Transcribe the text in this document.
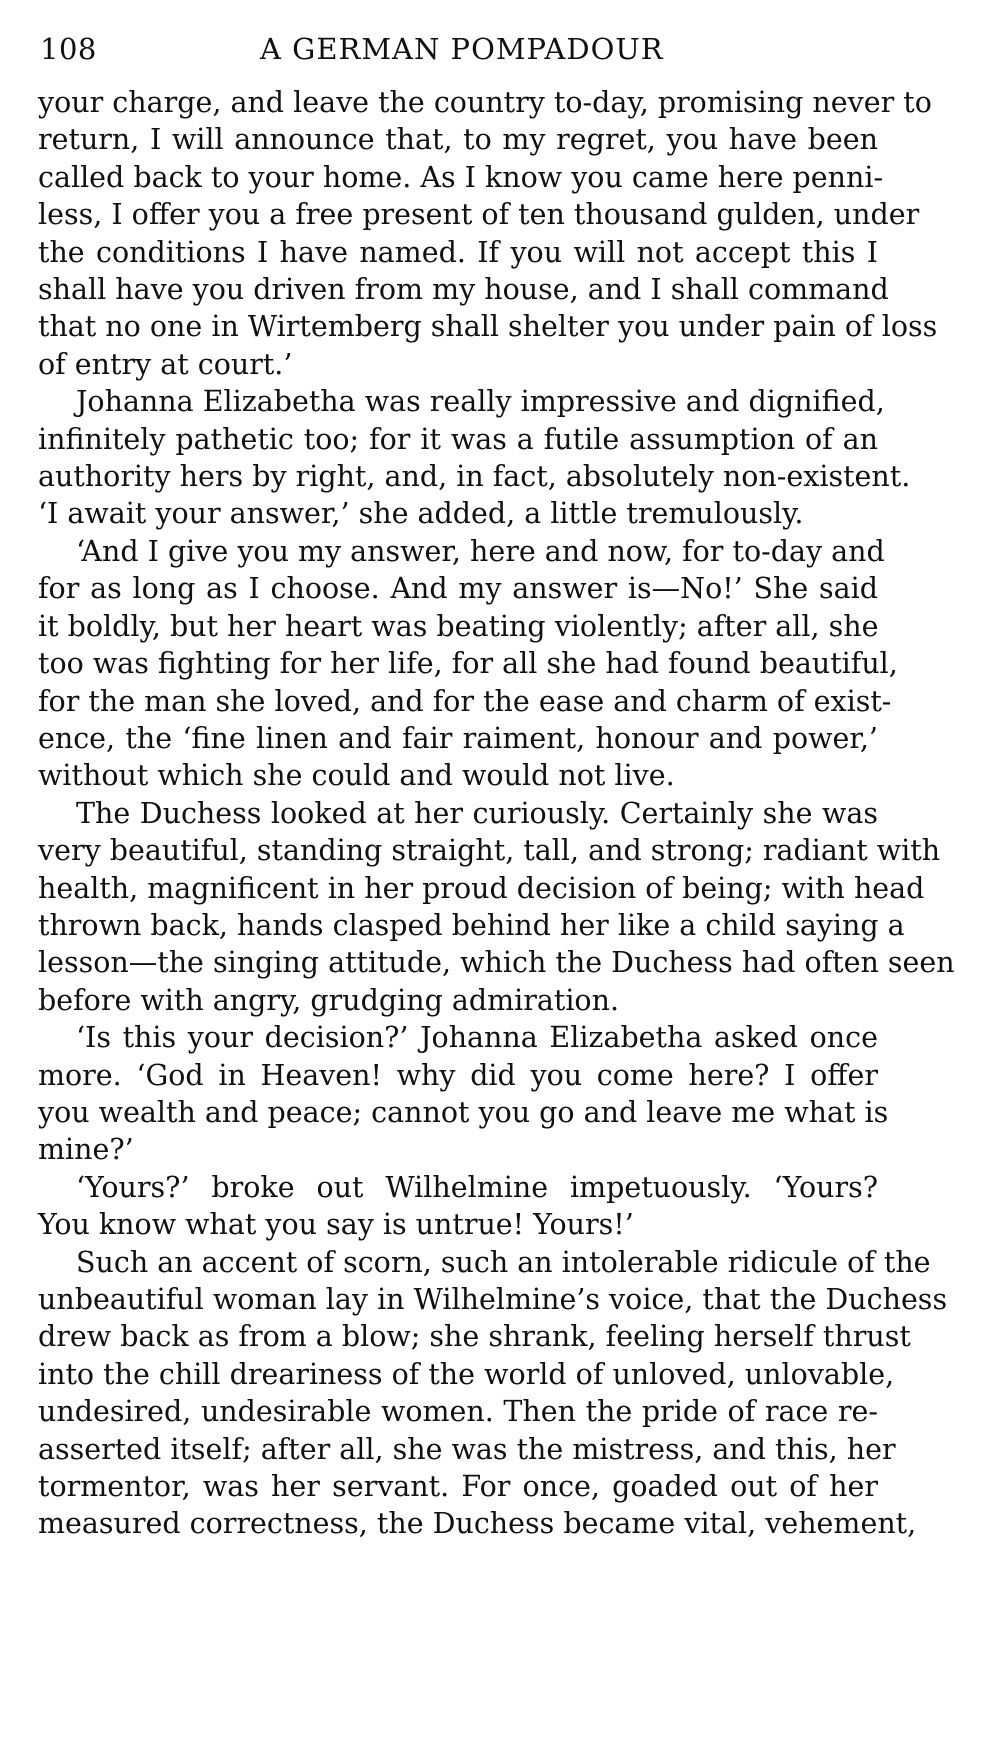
108	A GERMAN POMPADOUR
your charge, and leave the country to-day, promising never to
return, I will announce that, to my regret, you have been
called back to your home. As I know you came here penni-
less, I offer you a free present of ten thousand gulden, under
the conditions I have named. If you will not accept this I
shall have you driven from my house, and I shall command
that no one in Wirtemberg shall shelter you under pain of loss
of entry at court.’
Johanna Elizabetha was really impressive and dignified,
infinitely pathetic too; for it was a futile assumption of an
authority hers by right, and, in fact, absolutely non-existent.
‘I await your answer,’ she added, a little tremulously.
‘And I give you my answer, here and now, for to-day and
for as long as I choose. And my answer is—No!’ She said
it boldly, but her heart was beating violently; after all, she
too was fighting for her life, for all she had found beautiful,
for the man she loved, and for the ease and charm of exist-
ence, the ‘fine linen and fair raiment, honour and power,’
without which she could and would not live.
The Duchess looked at her curiously. Certainly she was
very beautiful, standing straight, tall, and strong; radiant with
health, magnificent in her proud decision of being; with head
thrown back, hands clasped behind her like a child saying a
lesson—the singing attitude, which the Duchess had often seen
before with angry, grudging admiration.
‘Is this your decision?’ Johanna Elizabetha asked once
more. ‘God in Heaven! why did you come here? I offer
you wealth and peace; cannot you go and leave me what is
mine?’
‘Yours?’ broke out Wilhelmine impetuously. ‘Yours?
You know what you say is untrue! Yours!’
Such an accent of scorn, such an intolerable ridicule of the
unbeautiful woman lay in Wilhelmine’s voice, that the Duchess
drew back as from a blow; she shrank, feeling herself thrust
into the chill dreariness of the world of unloved, unlovable,
undesired, undesirable women. Then the pride of race re-
asserted itself; after all, she was the mistress, and this, her
tormentor, was her servant. For once, goaded out of her
measured correctness, the Duchess became vital, vehement,
